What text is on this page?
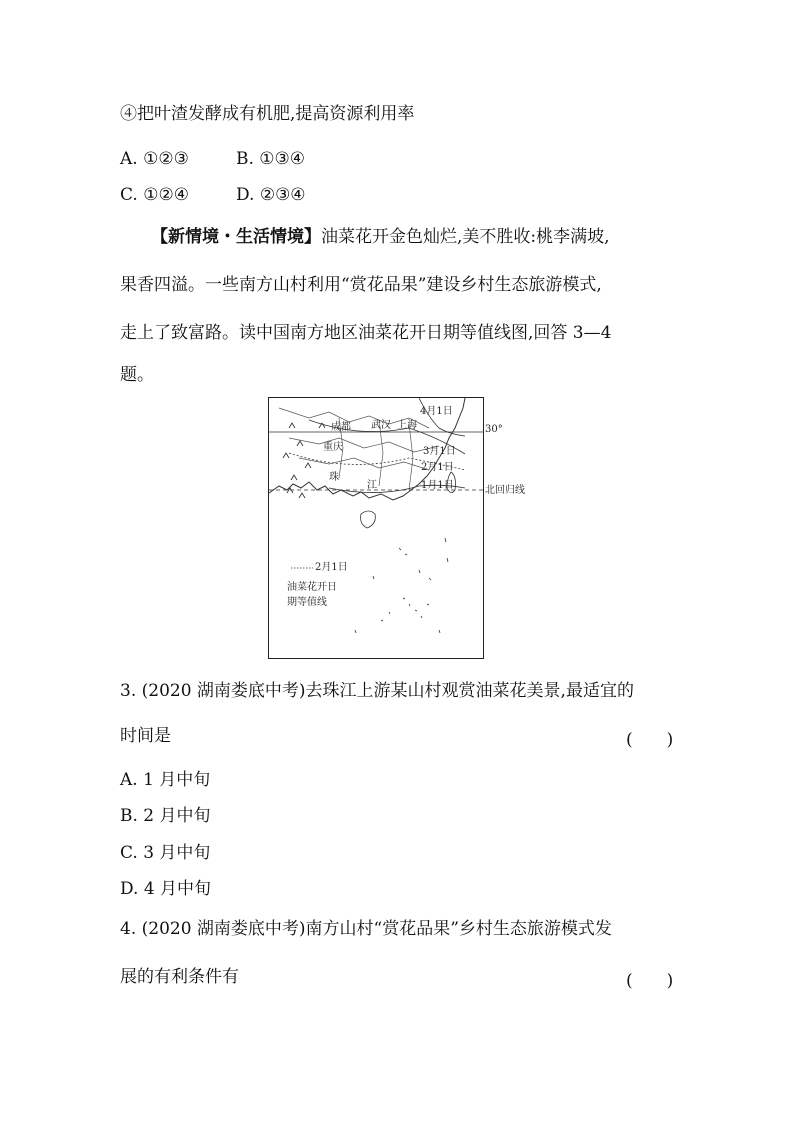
④把叶渣发酵成有机肥,提高资源利用率
A. ①②③	B. ①③④
C. ①②④	D. ②③④
【新情境・生活情境】油菜花开金色灿烂,美不胜收:桃李满坡,
果香四溢。一些南方山村利用“赏花品果”建设乡村生态旅游模式,
走上了致富路。读中国南方地区油菜花开日期等值线图,回答 3—4
题。
成都 武汉 上海
重庆
珠
江
4月1日
3月1日
2月1日
1月1日
2月1日
油菜花开日
期等值线
30°
北回归线
3. (2020 湖南娄底中考)去珠江上游某山村观赏油菜花美景,最适宜的
时间是	(　　)
A. 1 月中旬
B. 2 月中旬
C. 3 月中旬
D. 4 月中旬
4. (2020 湖南娄底中考)南方山村“赏花品果”乡村生态旅游模式发
展的有利条件有	(　　)
